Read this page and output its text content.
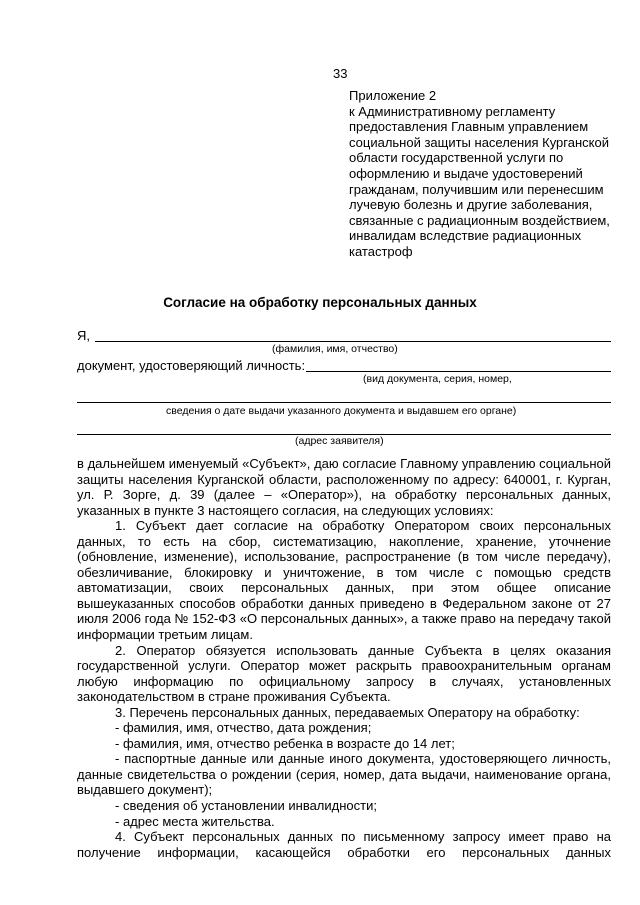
33
Приложение 2
к Административному регламенту
предоставления Главным управлением
социальной защиты населения Курганской
области государственной услуги по
оформлению и выдаче удостоверений
гражданам, получившим или перенесшим
лучевую болезнь и другие заболевания,
связанные с радиационным воздействием,
инвалидам вследствие радиационных
катастроф
Согласие на обработку персональных данных
Я,
(фамилия, имя, отчество)
документ, удостоверяющий личность:
(вид документа, серия, номер,
сведения о дате выдачи указанного документа и выдавшем его органе)
(адрес заявителя)

в дальнейшем именуемый «Субъект», даю согласие Главному управлению социальной защиты населения Курганской области, расположенному по адресу: 640001, г. Курган, ул. Р. Зорге, д. 39 (далее – «Оператор»), на обработку персональных данных, указанных в пункте 3 настоящего согласия, на следующих условиях:

1. Субъект дает согласие на обработку Оператором своих персональных данных, то есть на сбор, систематизацию, накопление, хранение, уточнение (обновление, изменение), использование, распространение (в том числе передачу), обезличивание, блокировку и уничтожение, в том числе с помощью средств автоматизации, своих персональных данных, при этом общее описание вышеуказанных способов обработки данных приведено в Федеральном законе от 27 июля 2006 года № 152-ФЗ «О персональных данных», а также право на передачу такой информации третьим лицам.

2. Оператор обязуется использовать данные Субъекта в целях оказания государственной услуги. Оператор может раскрыть правоохранительным органам любую информацию по официальному запросу в случаях, установленных законодательством в стране проживания Субъекта.

3. Перечень персональных данных, передаваемых Оператору на обработку:

- фамилия, имя, отчество, дата рождения;

- фамилия, имя, отчество ребенка в возрасте до 14 лет;

- паспортные данные или данные иного документа, удостоверяющего личность, данные свидетельства о рождении (серия, номер, дата выдачи, наименование органа, выдавшего документ);

- сведения об установлении инвалидности;

- адрес места жительства.

4. Субъект персональных данных по письменному запросу имеет право на получение информации, касающейся обработки его персональных данных
